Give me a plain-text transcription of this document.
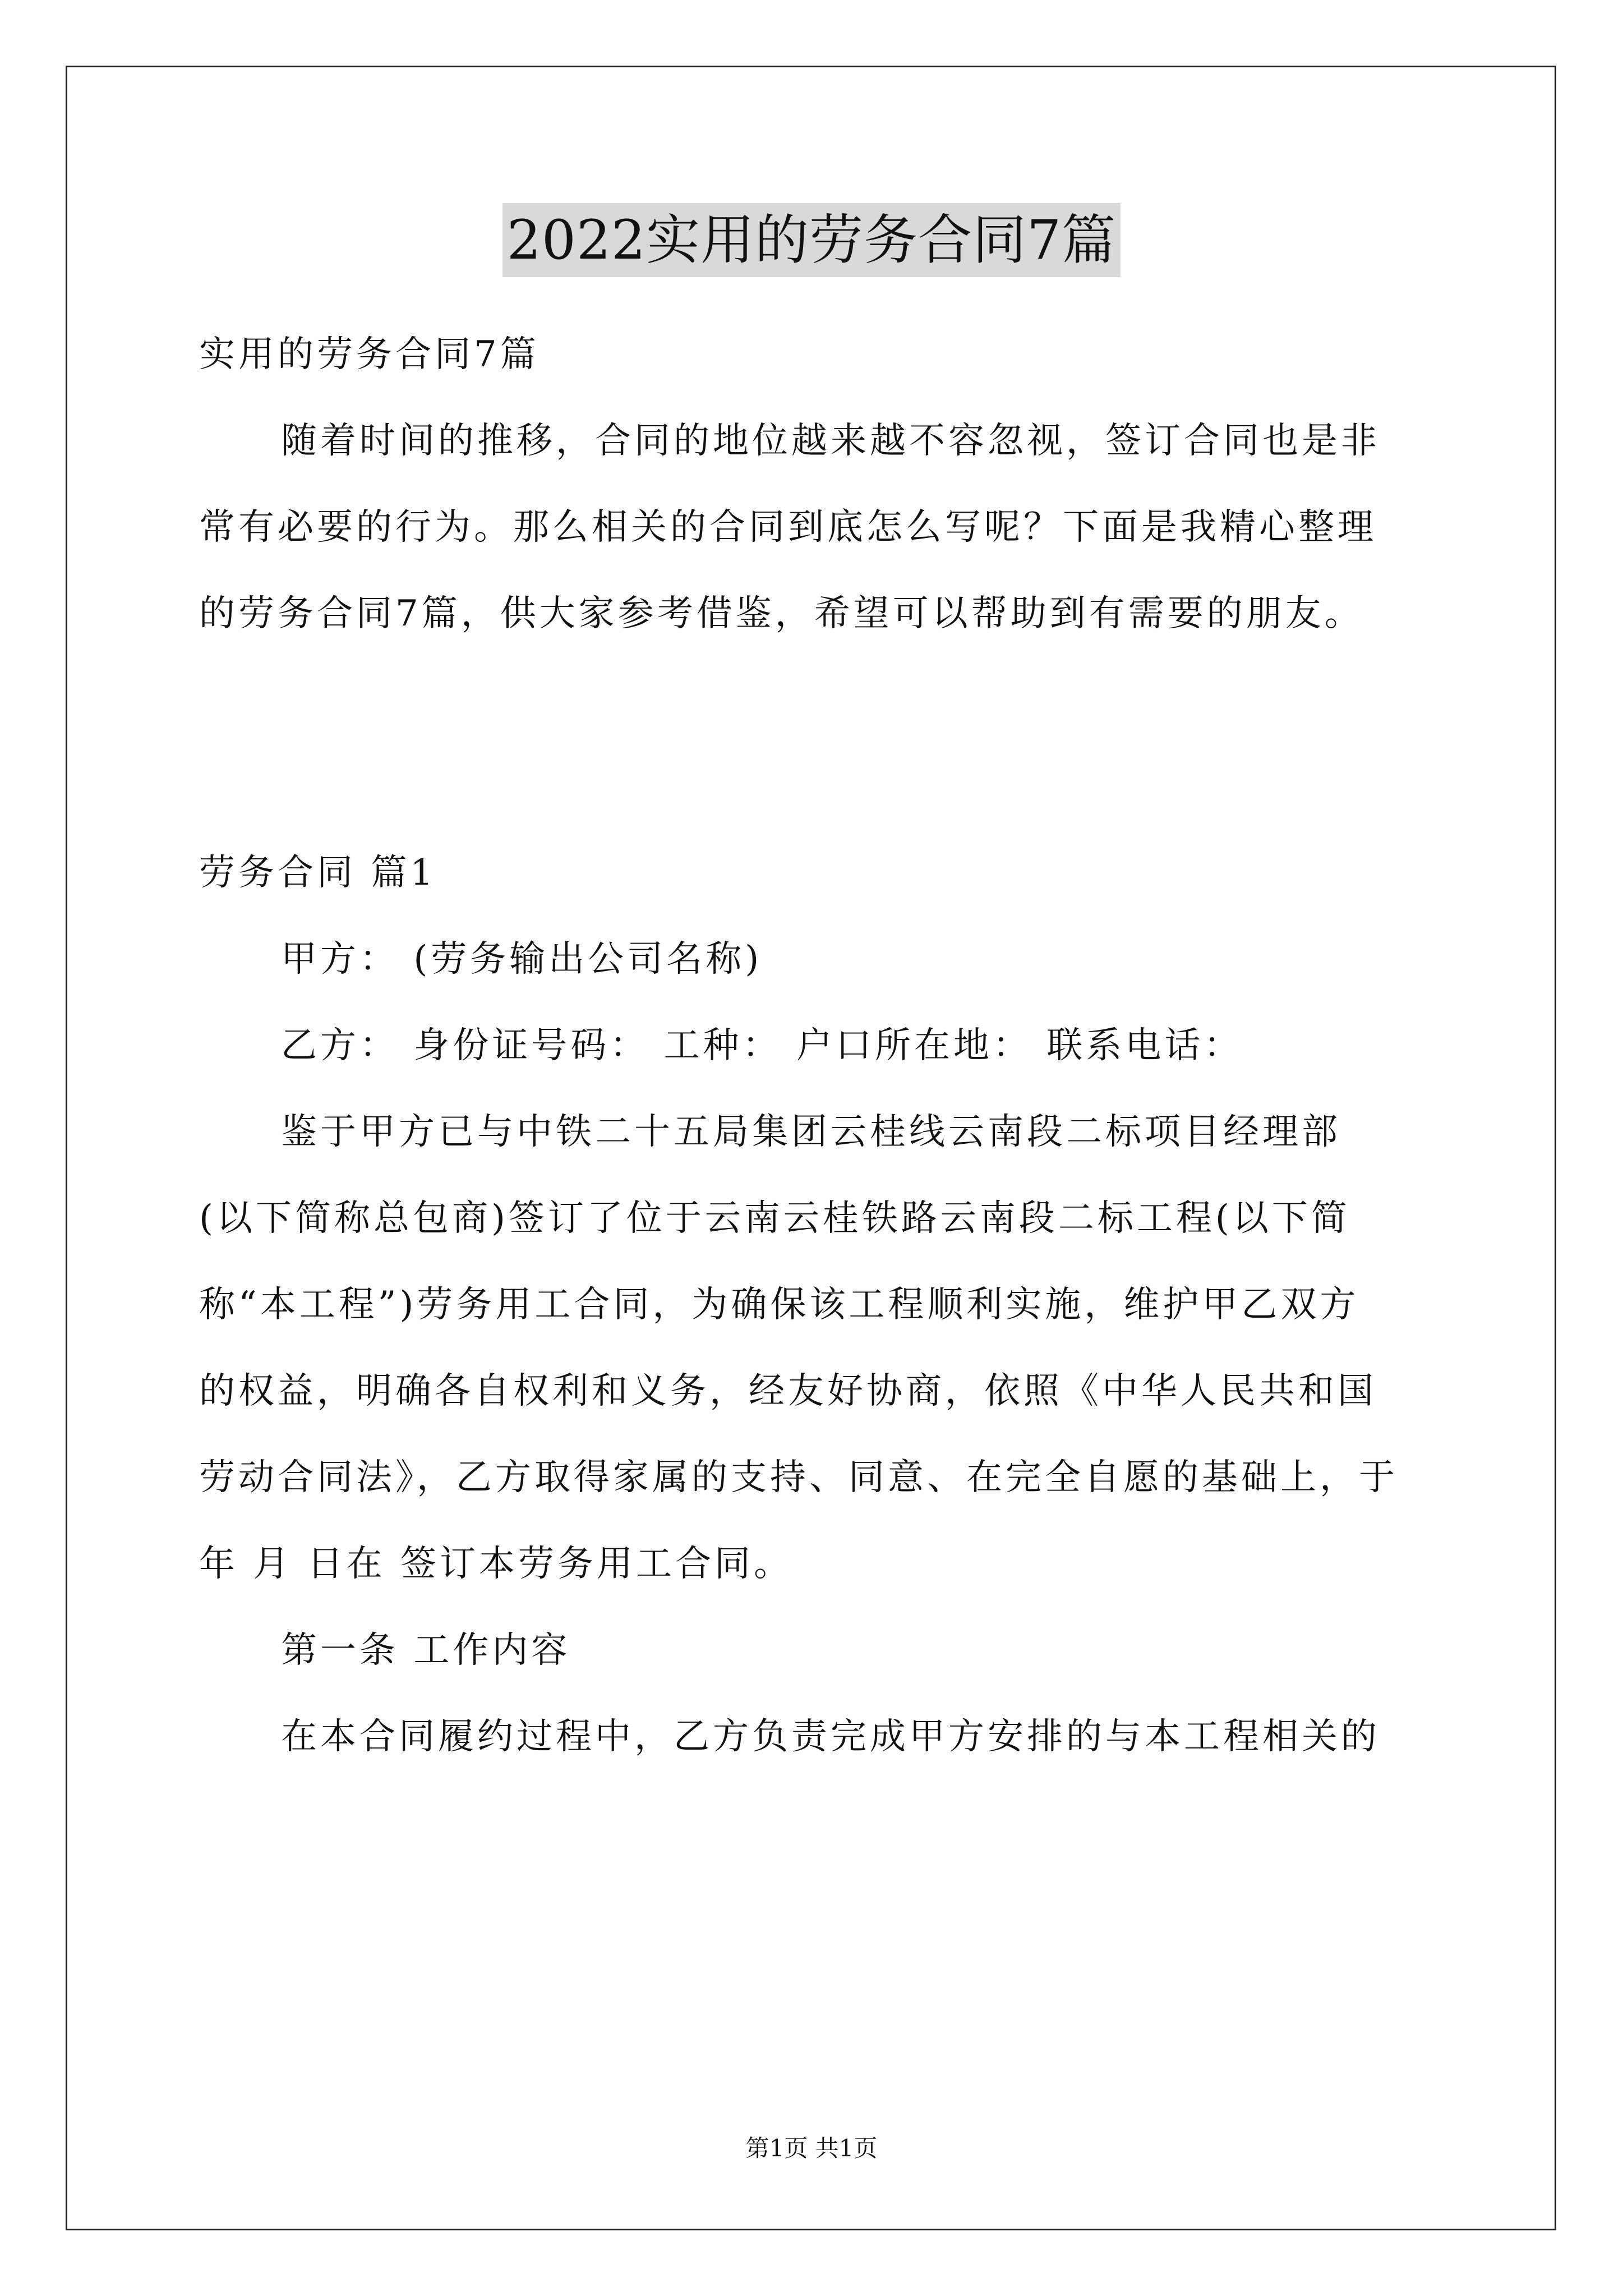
2022实用的劳务合同7篇

实用的劳务合同7篇

随着时间的推移，合同的地位越来越不容忽视，签订合同也是非

常有必要的行为。那么相关的合同到底怎么写呢？下面是我精心整理

的劳务合同7篇，供大家参考借鉴，希望可以帮助到有需要的朋友。

劳务合同 篇1

甲方： (劳务输出公司名称)

乙方： 身份证号码： 工种： 户口所在地： 联系电话：

鉴于甲方已与中铁二十五局集团云桂线云南段二标项目经理部

(以下简称总包商)签订了位于云南云桂铁路云南段二标工程(以下简

称“本工程”)劳务用工合同，为确保该工程顺利实施，维护甲乙双方

的权益，明确各自权利和义务，经友好协商，依照《中华人民共和国

劳动合同法》，乙方取得家属的支持、同意、在完全自愿的基础上，于

年 月 日在 签订本劳务用工合同。

第一条 工作内容

在本合同履约过程中，乙方负责完成甲方安排的与本工程相关的

第1页 共1页
